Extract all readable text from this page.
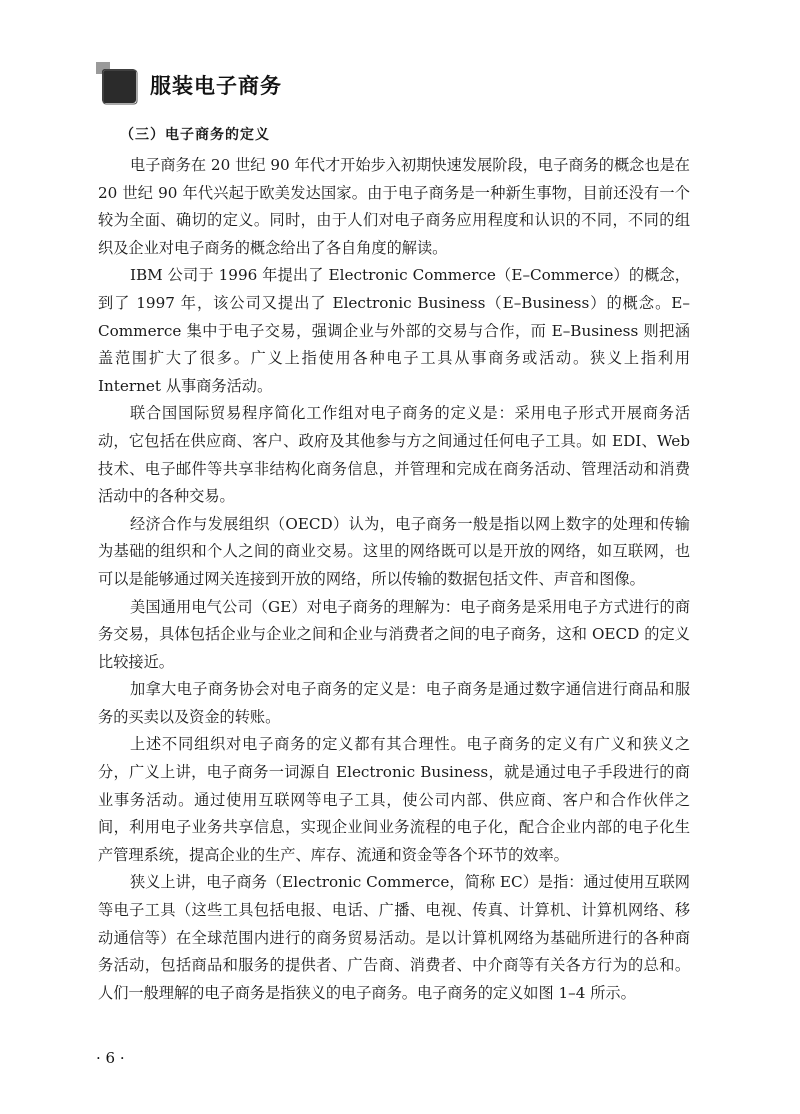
服装电子商务
（三）电子商务的定义

电子商务在 20 世纪 90 年代才开始步入初期快速发展阶段，电子商务的概念也是在 20 世纪 90 年代兴起于欧美发达国家。由于电子商务是一种新生事物，目前还没有一个较为全面、确切的定义。同时，由于人们对电子商务应用程度和认识的不同，不同的组织及企业对电子商务的概念给出了各自角度的解读。

IBM 公司于 1996 年提出了 Electronic Commerce（E–Commerce）的概念，到了 1997 年，该公司又提出了 Electronic Business（E–Business）的概念。E–Commerce 集中于电子交易，强调企业与外部的交易与合作，而 E–Business 则把涵盖范围扩大了很多。广义上指使用各种电子工具从事商务或活动。狭义上指利用 Internet 从事商务活动。

联合国国际贸易程序简化工作组对电子商务的定义是：采用电子形式开展商务活动，它包括在供应商、客户、政府及其他参与方之间通过任何电子工具。如 EDI、Web 技术、电子邮件等共享非结构化商务信息，并管理和完成在商务活动、管理活动和消费活动中的各种交易。

经济合作与发展组织（OECD）认为，电子商务一般是指以网上数字的处理和传输为基础的组织和个人之间的商业交易。这里的网络既可以是开放的网络，如互联网，也可以是能够通过网关连接到开放的网络，所以传输的数据包括文件、声音和图像。

美国通用电气公司（GE）对电子商务的理解为：电子商务是采用电子方式进行的商务交易，具体包括企业与企业之间和企业与消费者之间的电子商务，这和 OECD 的定义比较接近。

加拿大电子商务协会对电子商务的定义是：电子商务是通过数字通信进行商品和服务的买卖以及资金的转账。

上述不同组织对电子商务的定义都有其合理性。电子商务的定义有广义和狭义之分，广义上讲，电子商务一词源自 Electronic Business，就是通过电子手段进行的商业事务活动。通过使用互联网等电子工具，使公司内部、供应商、客户和合作伙伴之间，利用电子业务共享信息，实现企业间业务流程的电子化，配合企业内部的电子化生产管理系统，提高企业的生产、库存、流通和资金等各个环节的效率。

狭义上讲，电子商务（Electronic Commerce，简称 EC）是指：通过使用互联网等电子工具（这些工具包括电报、电话、广播、电视、传真、计算机、计算机网络、移动通信等）在全球范围内进行的商务贸易活动。是以计算机网络为基础所进行的各种商务活动，包括商品和服务的提供者、广告商、消费者、中介商等有关各方行为的总和。人们一般理解的电子商务是指狭义的电子商务。电子商务的定义如图 1–4 所示。

· 6 ·
